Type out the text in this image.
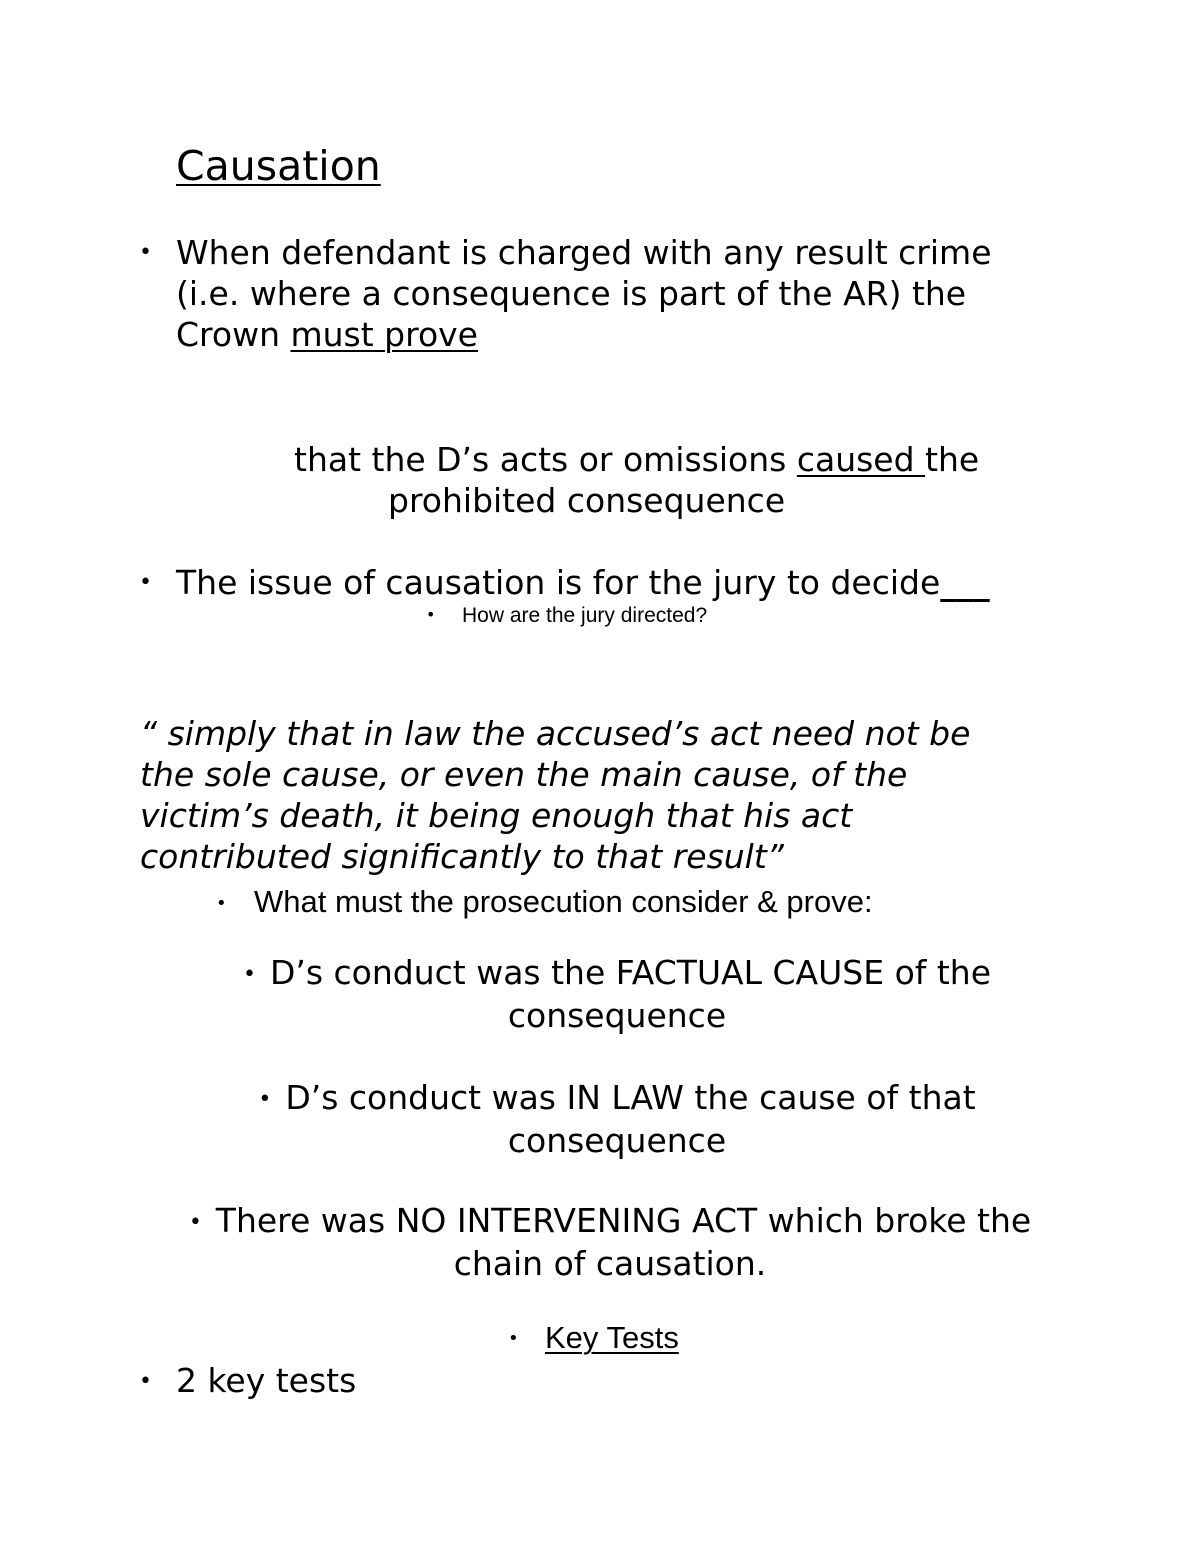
Causation
• When defendant is charged with any result crime
(i.e. where a consequence is part of the AR) the
Crown must prove
that the D’s acts or omissions caused the
prohibited consequence
• The issue of causation is for the jury to decide___
• How are the jury directed?
“ simply that in law the accused’s act need not be
the sole cause, or even the main cause, of the
victim’s death, it being enough that his act
contributed significantly to that result”
• What must the prosecution consider & prove:
• D’s conduct was the FACTUAL CAUSE of the
consequence
• D’s conduct was IN LAW the cause of that
consequence
• There was NO INTERVENING ACT which broke the
chain of causation.
• Key Tests
• 2 key tests
